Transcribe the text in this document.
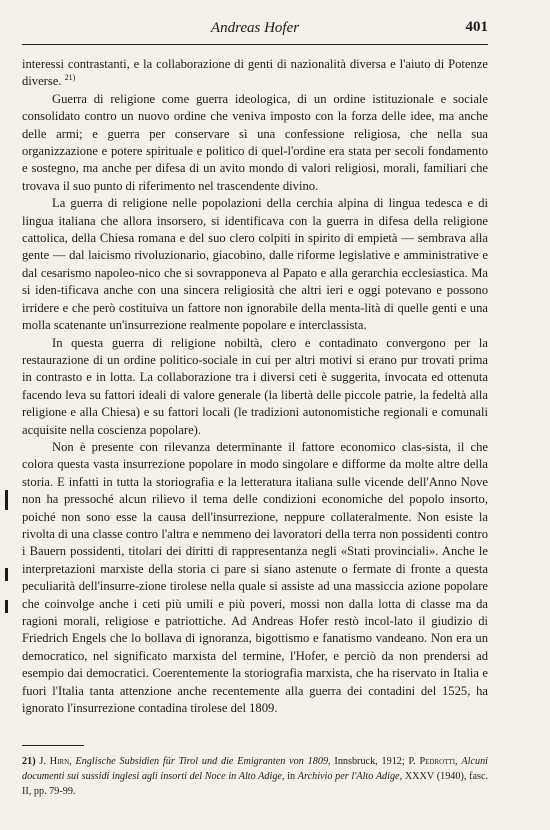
Andreas Hofer	401

interessi contrastanti, e la collaborazione di genti di nazionalità diversa e l'aiuto di Potenze diverse. $^{21)}$

Guerra di religione come guerra ideologica, di un ordine istituzionale e sociale consolidato contro un nuovo ordine che veniva imposto con la forza delle idee, ma anche delle armi; e guerra per conservare sì una confessione religiosa, che nella sua organizzazione e potere spirituale e politico di quel-l'ordine era stata per secoli fondamento e sostegno, ma anche per difesa di un avito mondo di valori religiosi, morali, familiari che trovava il suo punto di riferimento nel trascendente divino.

La guerra di religione nelle popolazioni della cerchia alpina di lingua tedesca e di lingua italiana che allora insorsero, si identificava con la guerra in difesa della religione cattolica, della Chiesa romana e del suo clero colpiti in spirito di empietà — sembrava alla gente — dal laicismo rivoluzionario, giacobino, dalle riforme legislative e amministrative e dal cesarismo napoleo-nico che si sovrapponeva al Papato e alla gerarchia ecclesiastica. Ma si iden-tificava anche con una sincera religiosità che altri ieri e oggi potevano e possono irridere e che però costituiva un fattore non ignorabile della menta-lità di quelle genti e una molla scatenante un'insurrezione realmente popolare e interclassista.

In questa guerra di religione nobiltà, clero e contadinato convergono per la restaurazione di un ordine politico-sociale in cui per altri motivi si erano pur trovati prima in contrasto e in lotta. La collaborazione tra i diversi ceti è suggerita, invocata ed ottenuta facendo leva su fattori ideali di valore generale (la libertà delle piccole patrie, la fedeltà alla religione e alla Chiesa) e su fattori locali (le tradizioni autonomistiche regionali e comunali acquisite nella coscienza popolare).

Non è presente con rilevanza determinante il fattore economico clas-sista, il che colora questa vasta insurrezione popolare in modo singolare e difforme da molte altre della storia. E infatti in tutta la storiografia e la letteratura italiana sulle vicende dell'Anno Nove non ha pressoché alcun rilievo il tema delle condizioni economiche del popolo insorto, poiché non sono esse la causa dell'insurrezione, neppure collateralmente. Non esiste la rivolta di una classe contro l'altra e nemmeno dei lavoratori della terra non possidenti contro i Bauern possidenti, titolari dei diritti di rappresentanza negli «Stati provinciali». Anche le interpretazioni marxiste della storia ci pare si siano astenute o fermate di fronte a questa peculiarità dell'insurre-zione tirolese nella quale si assiste ad una massiccia azione popolare che coinvolge anche i ceti più umili e più poveri, mossi non dalla lotta di classe ma da ragioni morali, religiose e patriottiche. Ad Andreas Hofer restò incol-lato il giudizio di Friedrich Engels che lo bollava di ignoranza, bigottismo e fanatismo vandeano. Non era un democratico, nel significato marxista del termine, l'Hofer, e perciò da non prendersi ad esempio dai democratici. Coerentemente la storiografia marxista, che ha riservato in Italia e fuori l'Italia tanta attenzione anche recentemente alla guerra dei contadini del 1525, ha ignorato l'insurrezione contadina tirolese del 1809.

21) J. Hirn, Englische Subsidien für Tirol und die Emigranten von 1809, Innsbruck, 1912; P. Pedrotti, Alcuni documenti sui sussidi inglesi agli insorti del Noce in Alto Adige, in Archivio per l'Alto Adige, XXXV (1940), fasc. II, pp. 79-99.
